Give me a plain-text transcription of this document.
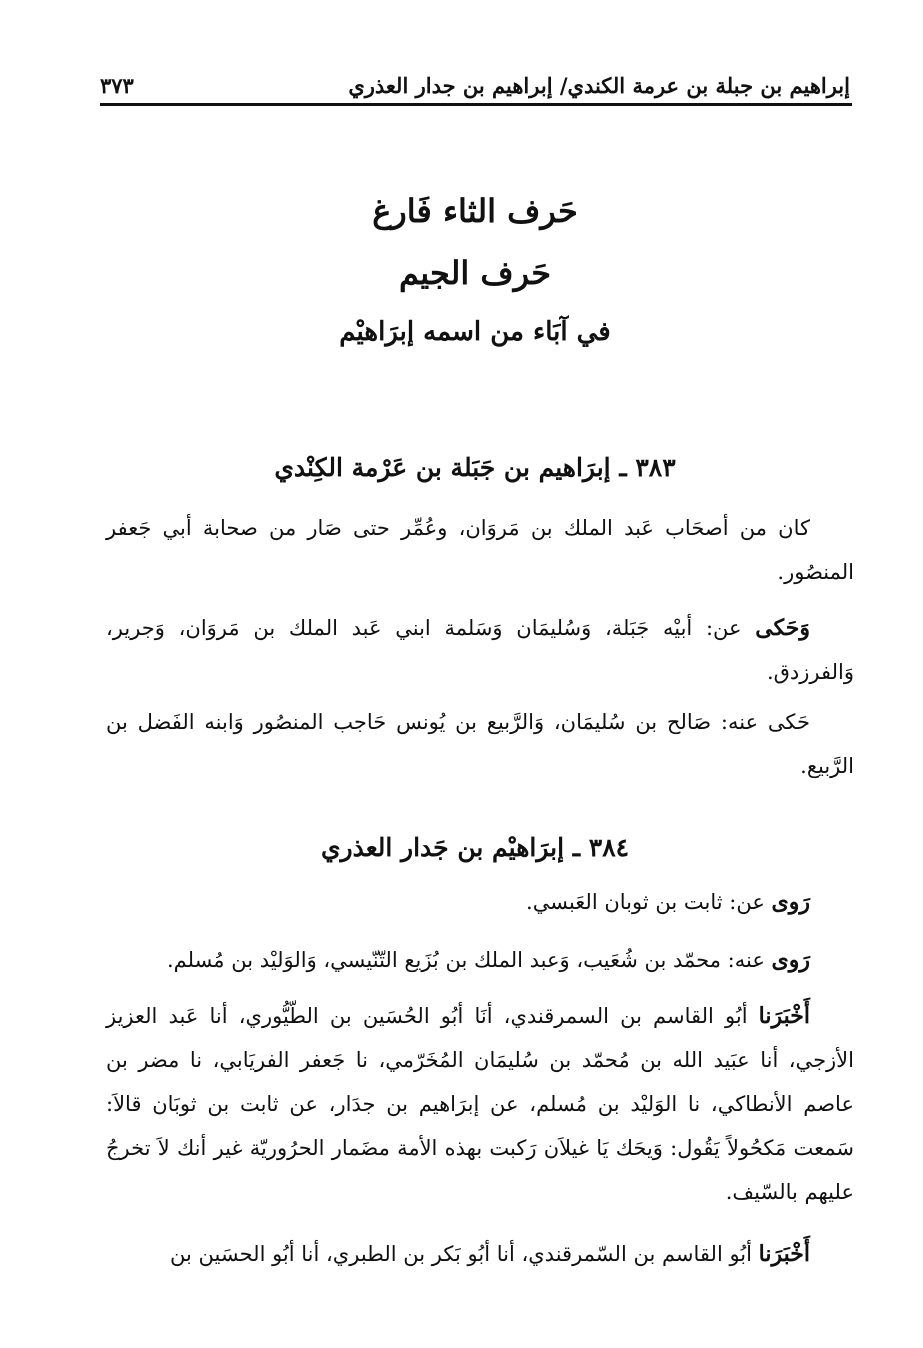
إبراهيم بن جبلة بن عرمة الكندي/ إبراهيم بن جدار العذري
٣٧٣
حَرف الثاء فَارغ
حَرف الجيم
في آبَاء من اسمه إبرَاهيْم
٣٨٣ ـ إبرَاهيم بن جَبَلة بن عَرْمة الكِنْدي

كان من أصحَاب عَبد الملك بن مَروَان، وعُمِّر حتى صَار من صحابة أبي جَعفر المنصُور.

وَحَكى عن: أبيْه جَبَلة، وَسُليمَان وَسَلمة ابني عَبد الملك بن مَروَان، وَجرير، وَالفرزدق.

حَكى عنه: صَالح بن سُليمَان، وَالرَّبيع بن يُونس حَاجب المنصُور وَابنه الفَضل بن الرَّبيع.

٣٨٤ ـ إبرَاهيْم بن جَدار العذري

رَوى عن: ثابت بن ثوبان العَبسي.

رَوى عنه: محمّد بن شُعَيب، وَعبد الملك بن بُزَيع التّنّيسي، وَالوَليْد بن مُسلم.

أَخْبَرَنا أبُو القاسم بن السمرقندي، أنَا أبُو الحُسَين بن الطّيُّوري، أنا عَبد العزيز الأزجي، أنا عبَيد الله بن مُحمّد بن سُليمَان المُخَرّمي، نا جَعفر الفريَابي، نا مضر بن عاصم الأنطاكي، نا الوَليْد بن مُسلم، عن إبرَاهيم بن جدَار، عن ثابت بن ثوبَان قالاَ: سَمعت مَكحُولاً يَقُول: وَيحَك يَا غيلاَن رَكبت بهذه الأمة مضَمار الحرُوريّة غير أنك لاَ تخرجُ عليهم بالسّيف.

أَخْبَرَنا أبُو القاسم بن السّمرقندي، أنا أبُو بَكر بن الطبري، أنا أبُو الحسَين بن
